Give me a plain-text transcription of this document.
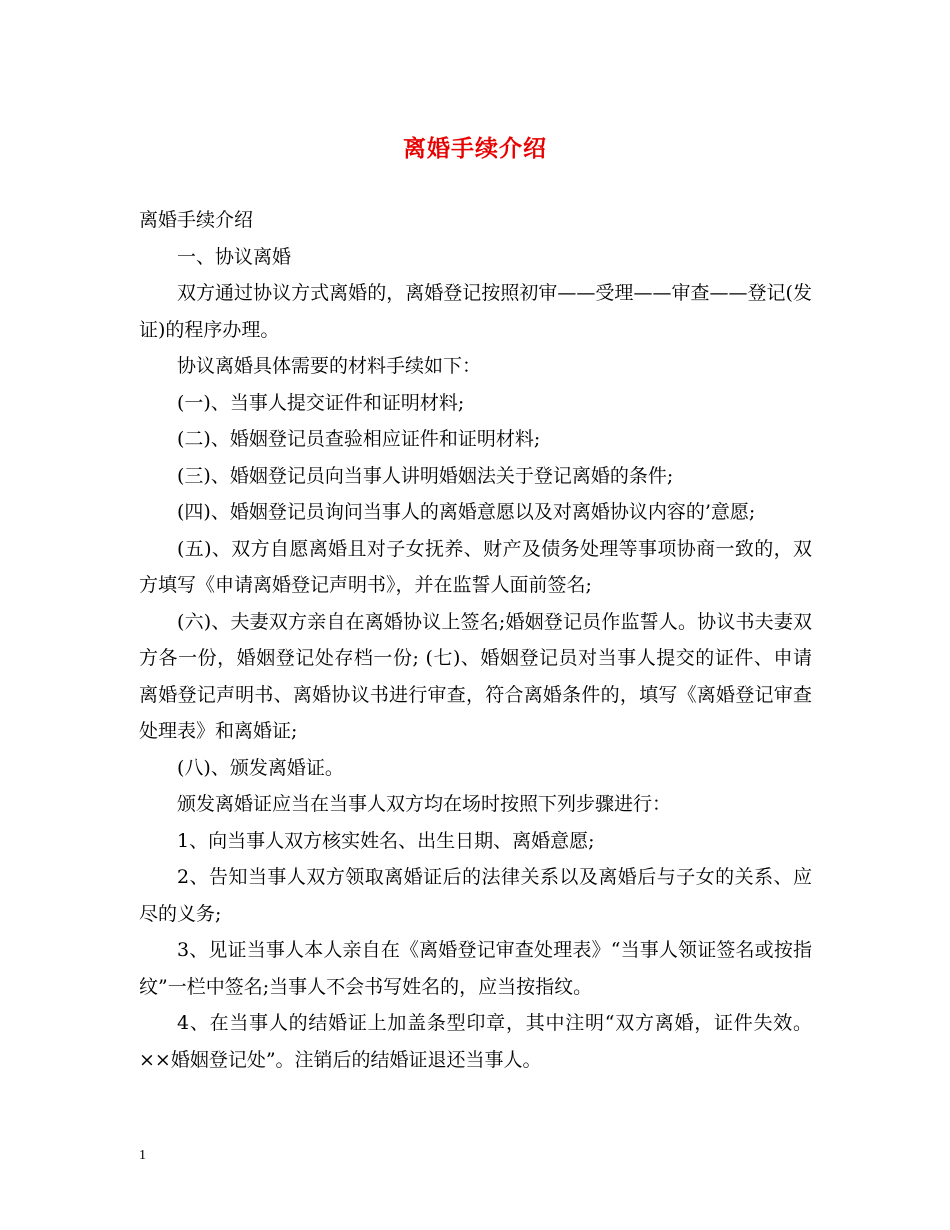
离婚手续介绍

离婚手续介绍

一、协议离婚

双方通过协议方式离婚的，离婚登记按照初审——受理——审查——登记(发证)的程序办理。

协议离婚具体需要的材料手续如下：

(一)、当事人提交证件和证明材料;

(二)、婚姻登记员查验相应证件和证明材料;

(三)、婚姻登记员向当事人讲明婚姻法关于登记离婚的条件;

(四)、婚姻登记员询问当事人的离婚意愿以及对离婚协议内容的’意愿;

(五)、双方自愿离婚且对子女抚养、财产及债务处理等事项协商一致的，双方填写《申请离婚登记声明书》，并在监誓人面前签名;

(六)、夫妻双方亲自在离婚协议上签名;婚姻登记员作监誓人。协议书夫妻双方各一份，婚姻登记处存档一份; (七)、婚姻登记员对当事人提交的证件、申请离婚登记声明书、离婚协议书进行审查，符合离婚条件的，填写《离婚登记审查处理表》和离婚证;

(八)、颁发离婚证。

颁发离婚证应当在当事人双方均在场时按照下列步骤进行：

1、向当事人双方核实姓名、出生日期、离婚意愿;

2、告知当事人双方领取离婚证后的法律关系以及离婚后与子女的关系、应尽的义务;

3、见证当事人本人亲自在《离婚登记审查处理表》“当事人领证签名或按指纹”一栏中签名;当事人不会书写姓名的，应当按指纹。

4、在当事人的结婚证上加盖条型印章，其中注明“双方离婚，证件失效。××婚姻登记处”。注销后的结婚证退还当事人。

1
